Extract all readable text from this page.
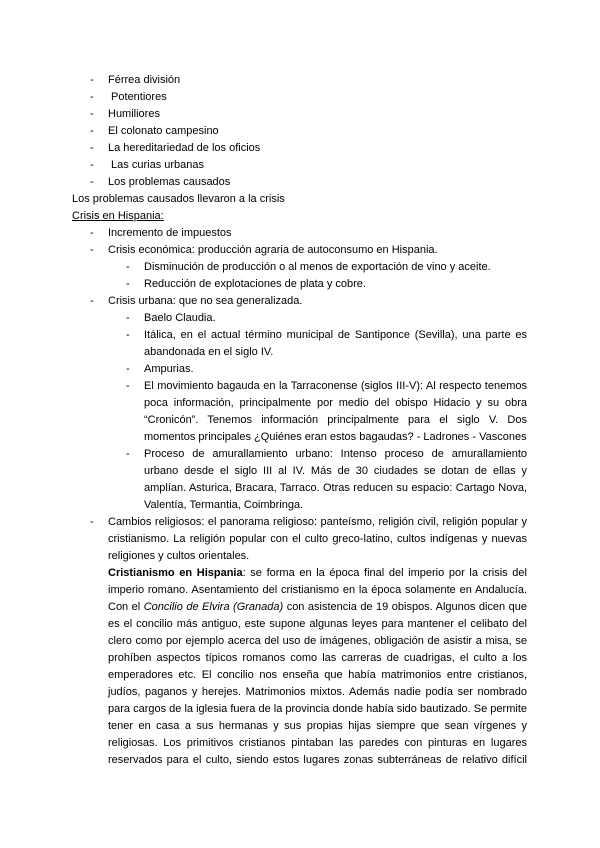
- Férrea división
- Potentiores
- Humiliores
- El colonato campesino
- La hereditariedad de los oficios
- Las curias urbanas
- Los problemas causados
Los problemas causados llevaron a la crisis
Crisis en Hispania:
- Incremento de impuestos
- Crisis económica: producción agraria de autoconsumo en Hispania.
- Disminución de producción o al menos de exportación de vino y aceite.
- Reducción de explotaciones de plata y cobre.
- Crisis urbana: que no sea generalizada.
- Baelo Claudia.
- Itálica, en el actual término municipal de Santiponce (Sevilla), una parte es
abandonada en el siglo IV.
- Ampurias.
- El movimiento bagauda en la Tarraconense (siglos III-V): Al respecto tenemos
poca información, principalmente por medio del obispo Hidacio y su obra
“Cronicón”. Tenemos información principalmente para el siglo V. Dos
momentos principales ¿Quiénes eran estos bagaudas? - Ladrones - Vascones
- Proceso de amurallamiento urbano: Intenso proceso de amurallamiento
urbano desde el siglo III al IV. Más de 30 ciudades se dotan de ellas y
amplían. Asturica, Bracara, Tarraco. Otras reducen su espacio: Cartago Nova,
Valentía, Termantia, Coimbringa.
- Cambios religiosos: el panorama religioso: panteísmo, religión civil, religión popular y
cristianismo. La religión popular con el culto greco-latino, cultos indígenas y nuevas
religiones y cultos orientales.
Cristianismo en Hispania: se forma en la época final del imperio por la crisis del
imperio romano. Asentamiento del cristianismo en la época solamente en Andalucía.
Con el Concilio de Elvira (Granada) con asistencia de 19 obispos. Algunos dicen que
es el concilio más antiguo, este supone algunas leyes para mantener el celibato del
clero como por ejemplo acerca del uso de imágenes, obligación de asistir a misa, se
prohíben aspectos típicos romanos como las carreras de cuadrigas, el culto a los
emperadores etc. El concilio nos enseña que había matrimonios entre cristianos,
judíos, paganos y herejes. Matrimonios mixtos. Además nadie podía ser nombrado
para cargos de la iglesia fuera de la provincia donde había sido bautizado. Se permite
tener en casa a sus hermanas y sus propias hijas siempre que sean vírgenes y
religiosas. Los primitivos cristianos pintaban las paredes con pinturas en lugares
reservados para el culto, siendo estos lugares zonas subterráneas de relativo difícil
